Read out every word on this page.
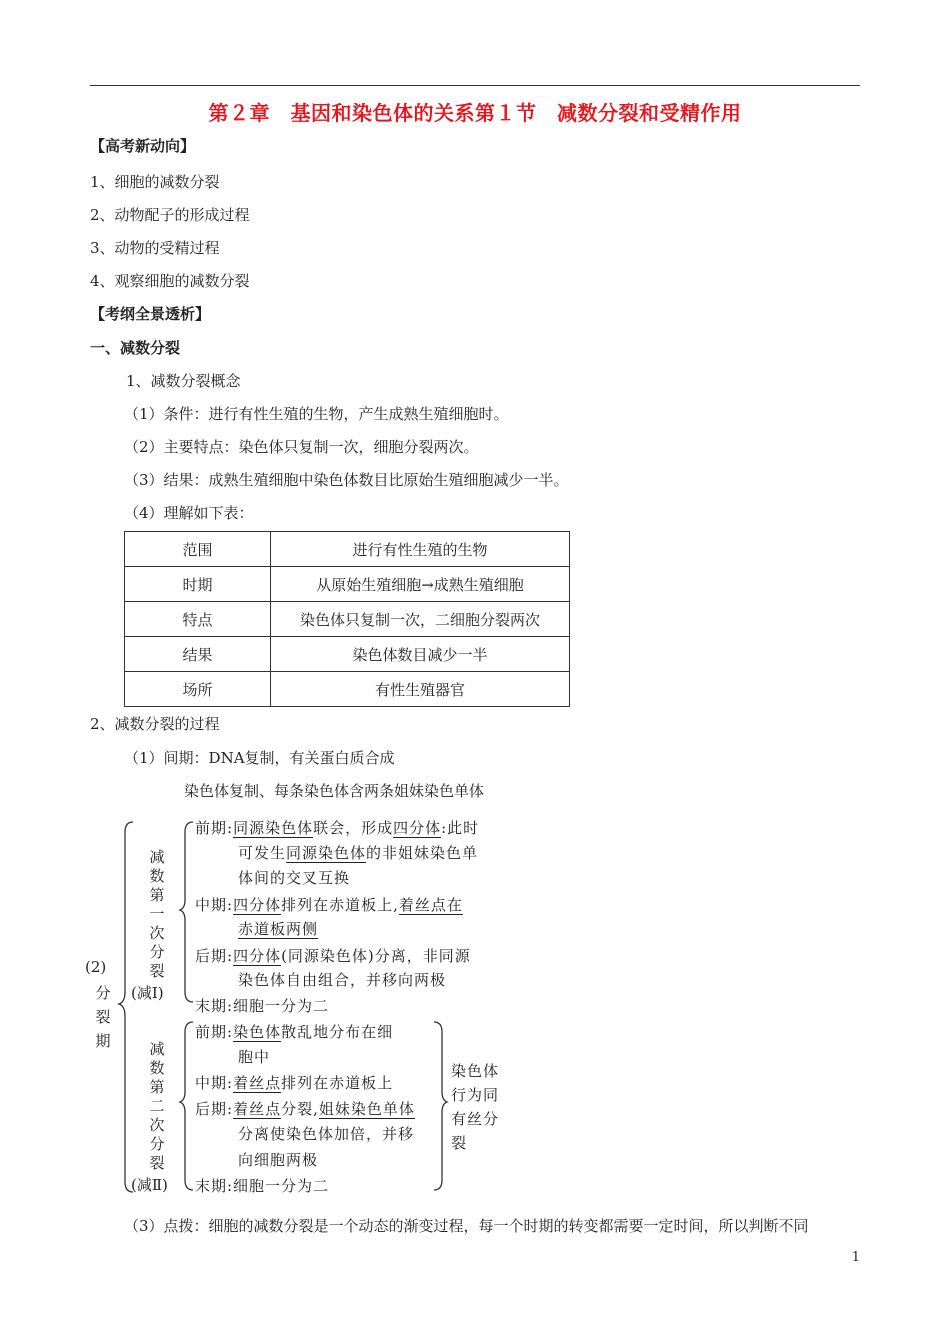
第２章　基因和染色体的关系第１节　减数分裂和受精作用
【高考新动向】
1、细胞的减数分裂
2、动物配子的形成过程
3、动物的受精过程
4、观察细胞的减数分裂
【考纲全景透析】
一、减数分裂
1、减数分裂概念
（1）条件：进行有性生殖的生物，产生成熟生殖细胞时。
（2）主要特点：染色体只复制一次，细胞分裂两次。
（3）结果：成熟生殖细胞中染色体数目比原始生殖细胞减少一半。
（4）理解如下表：
范围	进行有性生殖的生物
时期	从原始生殖细胞→成熟生殖细胞
特点	染色体只复制一次，二细胞分裂两次
结果	染色体数目减少一半
场所	有性生殖器官
2、减数分裂的过程
（1）间期：DNA复制，有关蛋白质合成
染色体复制、每条染色体含两条姐妹染色单体
(2)
分
裂
期
减
数
第
一
次
分
裂
(减Ⅰ)
减
数
第
二
次
分
裂
(减Ⅱ)
前期:同源染色体联会，形成四分体:此时
可发生同源染色体的非姐妹染色单
体间的交叉互换
中期:四分体排列在赤道板上,着丝点在
赤道板两侧
后期:四分体(同源染色体)分离，非同源
染色体自由组合，并移向两极
末期:细胞一分为二
前期:染色体散乱地分布在细
胞中
中期:着丝点排列在赤道板上
后期:着丝点分裂,姐妹染色单体
分离使染色体加倍，并移
向细胞两极
末期:细胞一分为二
染色体
行为同
有丝分
裂
（3）点拨：细胞的减数分裂是一个动态的渐变过程，每一个时期的转变都需要一定时间，所以判断不同
1
